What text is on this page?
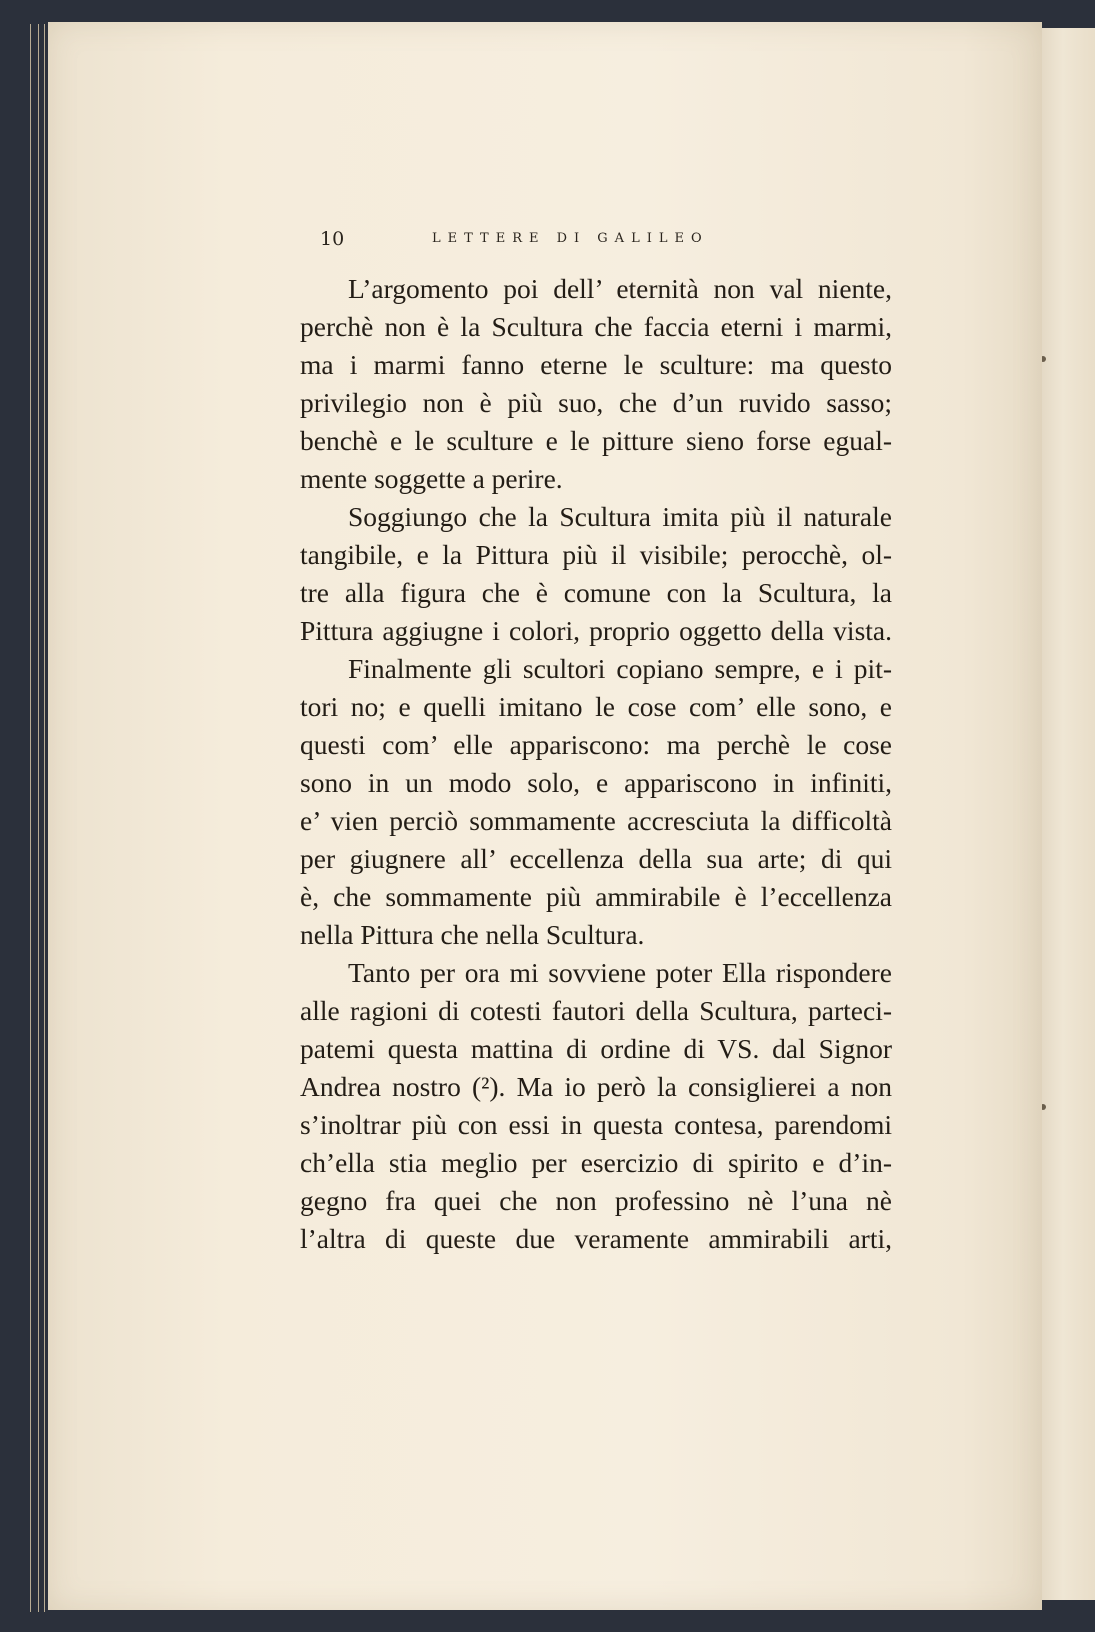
10	LETTERE DI GALILEO
L’argomento poi dell’ eternità non val niente,
perchè non è la Scultura che faccia eterni i marmi,
ma i marmi fanno eterne le sculture: ma questo
privilegio non è più suo, che d’un ruvido sasso;
benchè e le sculture e le pitture sieno forse egual-
mente soggette a perire.
Soggiungo che la Scultura imita più il naturale
tangibile, e la Pittura più il visibile; perocchè, ol-
tre alla figura che è comune con la Scultura, la
Pittura aggiugne i colori, proprio oggetto della vista.
Finalmente gli scultori copiano sempre, e i pit-
tori no; e quelli imitano le cose com’ elle sono, e
questi com’ elle appariscono: ma perchè le cose
sono in un modo solo, e appariscono in infiniti,
e’ vien perciò sommamente accresciuta la difficoltà
per giugnere all’ eccellenza della sua arte; di qui
è, che sommamente più ammirabile è l’eccellenza
nella Pittura che nella Scultura.
Tanto per ora mi sovviene poter Ella rispondere
alle ragioni di cotesti fautori della Scultura, parteci-
patemi questa mattina di ordine di VS. dal Signor
Andrea nostro (²). Ma io però la consiglierei a non
s’inoltrar più con essi in questa contesa, parendomi
ch’ella stia meglio per esercizio di spirito e d’in-
gegno fra quei che non professino nè l’una nè
l’altra di queste due veramente ammirabili arti,
